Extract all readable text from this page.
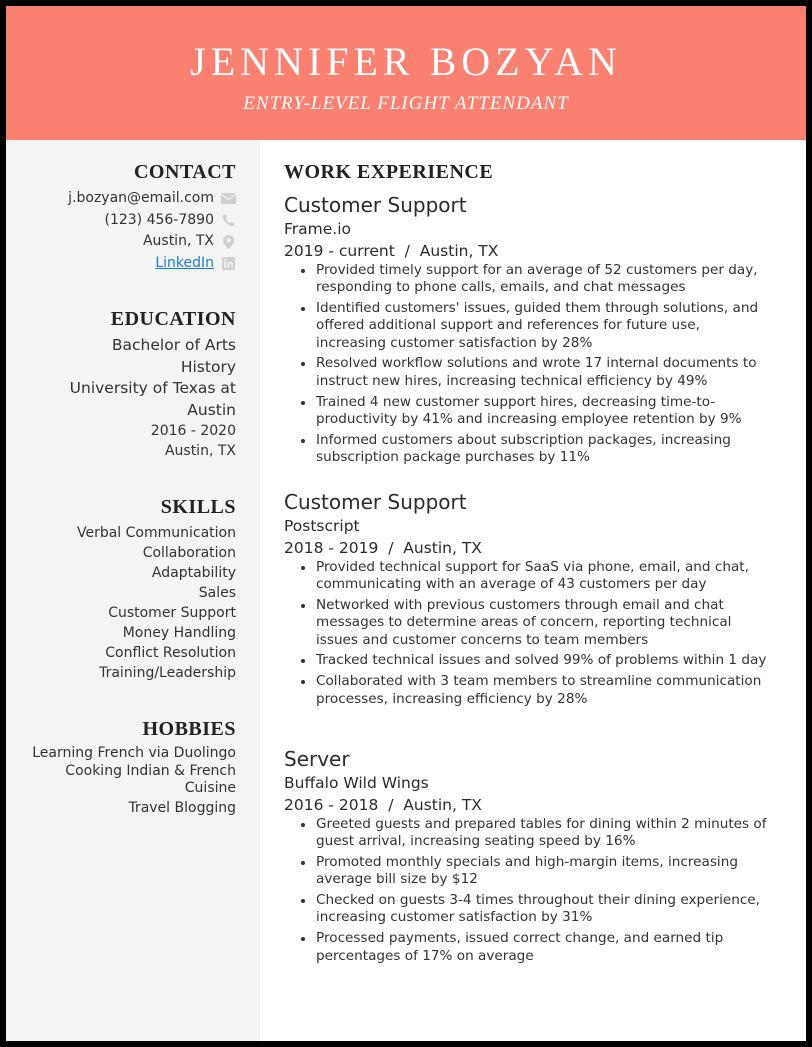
JENNIFER BOZYAN
ENTRY-LEVEL FLIGHT ATTENDANT
CONTACT
j.bozyan@email.com
(123) 456-7890
Austin, TX
LinkedIn
EDUCATION
Bachelor of Arts
History
University of Texas at
Austin
2016 - 2020
Austin, TX
SKILLS
Verbal Communication
Collaboration
Adaptability
Sales
Customer Support
Money Handling
Conflict Resolution
Training/Leadership
HOBBIES
Learning French via Duolingo
Cooking Indian & French
Cuisine
Travel Blogging
WORK EXPERIENCE
Customer Support
Frame.io
2019 - current  /  Austin, TX
Provided timely support for an average of 52 customers per day, responding to phone calls, emails, and chat messages
Identified customers' issues, guided them through solutions, and offered additional support and references for future use, increasing customer satisfaction by 28%
Resolved workflow solutions and wrote 17 internal documents to instruct new hires, increasing technical efficiency by 49%
Trained 4 new customer support hires, decreasing time-to-productivity by 41% and increasing employee retention by 9%
Informed customers about subscription packages, increasing subscription package purchases by 11%
Customer Support
Postscript
2018 - 2019  /  Austin, TX
Provided technical support for SaaS via phone, email, and chat, communicating with an average of 43 customers per day
Networked with previous customers through email and chat messages to determine areas of concern, reporting technical issues and customer concerns to team members
Tracked technical issues and solved 99% of problems within 1 day
Collaborated with 3 team members to streamline communication processes, increasing efficiency by 28%
Server
Buffalo Wild Wings
2016 - 2018  /  Austin, TX
Greeted guests and prepared tables for dining within 2 minutes of guest arrival, increasing seating speed by 16%
Promoted monthly specials and high-margin items, increasing average bill size by $12
Checked on guests 3-4 times throughout their dining experience, increasing customer satisfaction by 31%
Processed payments, issued correct change, and earned tip percentages of 17% on average
